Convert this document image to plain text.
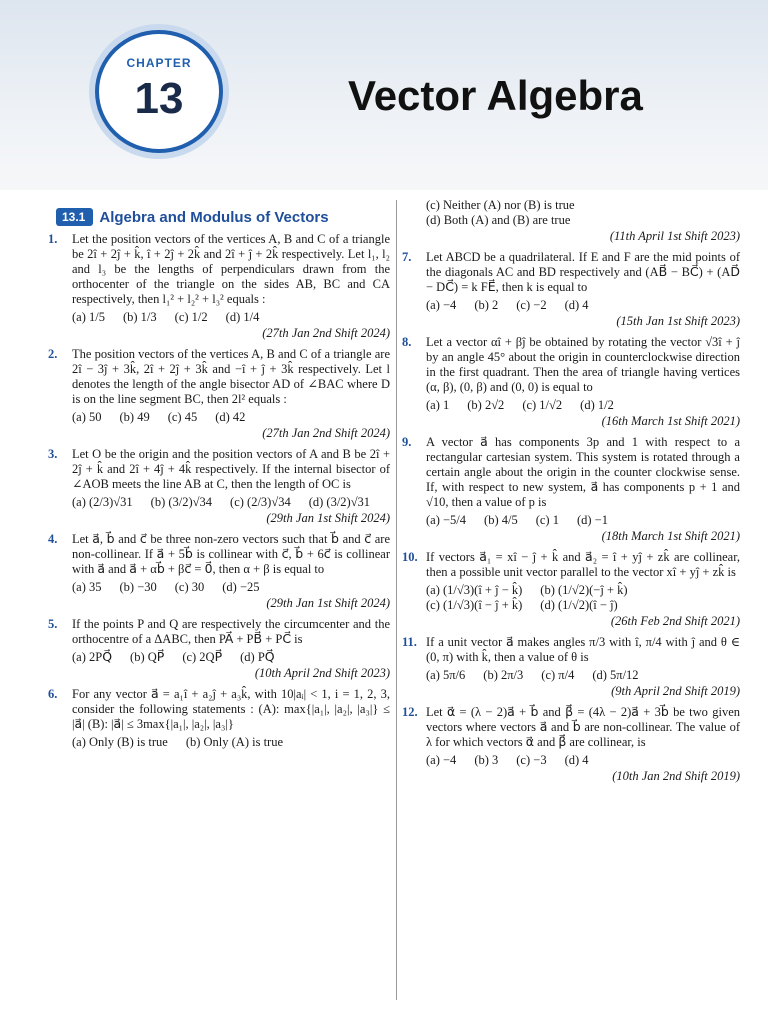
CHAPTER
13	Vector Algebra
13.1 Algebra and Modulus of Vectors
1.	Let the position vectors of the vertices A, B and C of a triangle be 2î + 2ĵ + k̂, î + 2ĵ + 2k̂ and 2î + ĵ + 2k̂ respectively. Let l₁, l₂ and l₃ be the lengths of perpendiculars drawn from the orthocenter of the triangle on the sides AB, BC and CA respectively, then l₁² + l₂² + l₃² equals :
(a) 1/5 (b) 1/3 (c) 1/2 (d) 1/4
(27th Jan 2nd Shift 2024)
2.	The position vectors of the vertices A, B and C of a triangle are 2î − 3ĵ + 3k̂, 2î + 2ĵ + 3k̂ and −î + ĵ + 3k̂ respectively. Let l denotes the length of the angle bisector AD of ∠BAC where D is on the line segment BC, then 2l² equals :
(a) 50 (b) 49 (c) 45 (d) 42
(27th Jan 2nd Shift 2024)
3.	Let O be the origin and the position vectors of A and B be 2î + 2ĵ + k̂ and 2î + 4ĵ + 4k̂ respectively. If the internal bisector of ∠AOB meets the line AB at C, then the length of OC is
(a) (2/3)√31 (b) (3/2)√34 (c) (2/3)√34 (d) (3/2)√31
(29th Jan 1st Shift 2024)
4.	Let a⃗, b⃗ and c⃗ be three non-zero vectors such that b⃗ and c⃗ are non-collinear. If a⃗ + 5b⃗ is collinear with c⃗, b⃗ + 6c⃗ is collinear with a⃗ and a⃗ + αb⃗ + βc⃗ = 0⃗, then α + β is equal to
(a) 35 (b) −30 (c) 30 (d) −25
(29th Jan 1st Shift 2024)
5.	If the points P and Q are respectively the circumcenter and the orthocentre of a ΔABC, then PA⃗ + PB⃗ + PC⃗ is
(a) 2PQ⃗ (b) QP⃗ (c) 2QP⃗ (d) PQ⃗
(10th April 2nd Shift 2023)
6.	For any vector a⃗ = a₁î + a₂ĵ + a₃k̂, with 10|aᵢ| < 1, i = 1, 2, 3, consider the following statements : (A): max{|a₁|, |a₂|, |a₃|} ≤ |a⃗| (B): |a⃗| ≤ 3max{|a₁|, |a₂|, |a₃|}
(a) Only (B) is true (b) Only (A) is true
(c) Neither (A) nor (B) is true
(d) Both (A) and (B) are true
(11th April 1st Shift 2023)
7.	Let ABCD be a quadrilateral. If E and F are the mid points of the diagonals AC and BD respectively and (AB⃗ − BC⃗) + (AD⃗ − DC⃗) = k FE⃗, then k is equal to
(a) −4 (b) 2 (c) −2 (d) 4
(15th Jan 1st Shift 2023)
8.	Let a vector αî + βĵ be obtained by rotating the vector √3î + ĵ by an angle 45° about the origin in counterclockwise direction in the first quadrant. Then the area of triangle having vertices (α, β), (0, β) and (0, 0) is equal to
(a) 1 (b) 2√2 (c) 1/√2 (d) 1/2
(16th March 1st Shift 2021)
9.	A vector a⃗ has components 3p and 1 with respect to a rectangular cartesian system. This system is rotated through a certain angle about the origin in the counter clockwise sense. If, with respect to new system, a⃗ has components p + 1 and √10, then a value of p is
(a) −5/4 (b) 4/5 (c) 1 (d) −1
(18th March 1st Shift 2021)
10. If vectors a⃗₁ = xî − ĵ + k̂ and a⃗₂ = î + yĵ + zk̂ are collinear, then a possible unit vector parallel to the vector xî + yĵ + zk̂ is
(a) (1/√3)(î + ĵ − k̂) (b) (1/√2)(−ĵ + k̂)
(c) (1/√3)(î − ĵ + k̂) (d) (1/√2)(î − ĵ)
(26th Feb 2nd Shift 2021)
11. If a unit vector a⃗ makes angles π/3 with î, π/4 with ĵ and θ ∈ (0, π) with k̂, then a value of θ is
(a) 5π/6 (b) 2π/3 (c) π/4 (d) 5π/12
(9th April 2nd Shift 2019)
12. Let α⃗ = (λ − 2)a⃗ + b⃗ and β⃗ = (4λ − 2)a⃗ + 3b⃗ be two given vectors where vectors a⃗ and b⃗ are non-collinear. The value of λ for which vectors α⃗ and β⃗ are collinear, is
(a) −4 (b) 3 (c) −3 (d) 4
(10th Jan 2nd Shift 2019)
